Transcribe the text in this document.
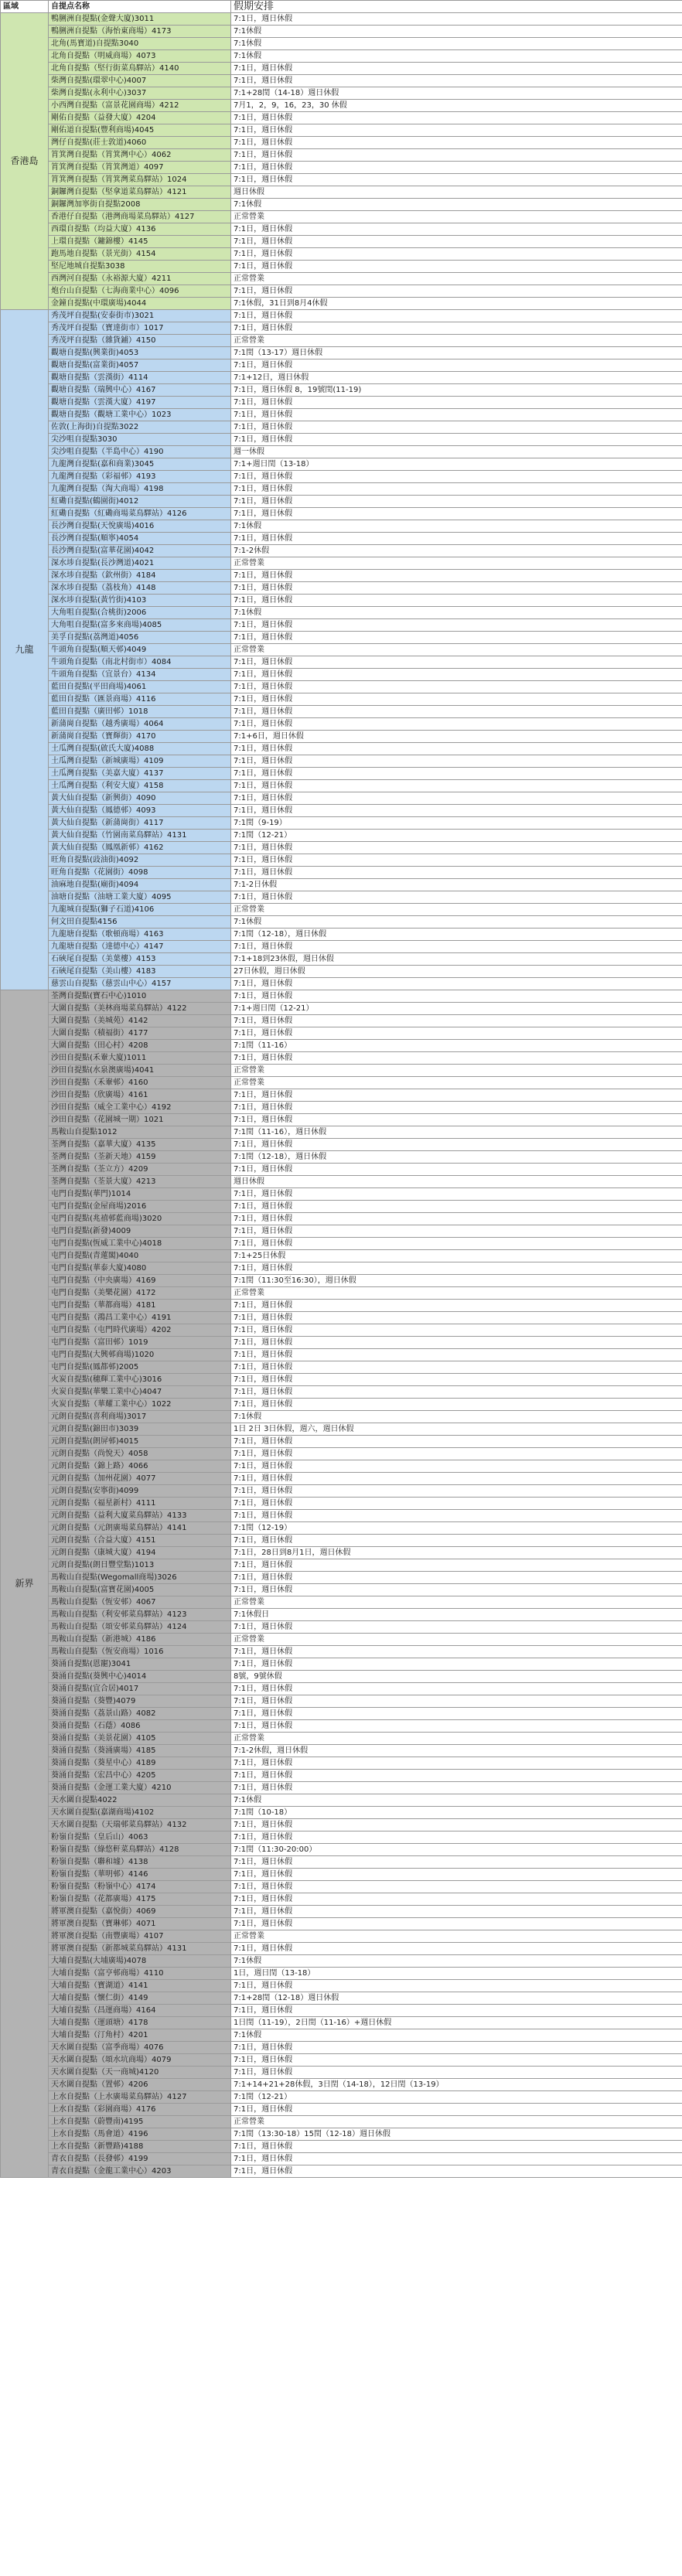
區域	自提点名称	假期安排
香港島	鴨脷洲自提點(金聲大廈)3011	7:1日，週日休假
	鴨脷洲自提點（海怡東商場）4173	7:1休假
	北角(馬寶道)自提點3040	7:1休假
	北角自提點（明威商場）4073	7:1休假
	北角自提點（堅行街菜鳥驛站）4140	7:1日，週日休假
	柴灣自提點(環翠中心)4007	7:1日，週日休假
	柴灣自提點(永利中心)3037	7:1+28閏（14-18）週日休假
	小西灣自提點（富景花園商場）4212	7月1，2，9，16，23，30 休假
	剛佑自提點（益發大廈）4204	7:1日，週日休假
	剛佑道自提點(豐利商場)4045	7:1日，週日休假
	灣仔自提點(莊士敦道)4060	7:1日，週日休假
	筲箕灣自提點（筲箕灣中心）4062	7:1日，週日休假
	筲箕灣自提點（筲箕灣道）4097	7:1日，週日休假
	筲箕灣自提點（筲箕灣菜鳥驛站）1024	7:1日，週日休假
	銅鑼灣自提點（堅拿道菜鳥驛站）4121	週日休假
	銅鑼灣加寧街自提點2008	7:1休假
	香港仔自提點（港灣商場菜鳥驛站）4127	正常營業
	西環自提點（均益大廈）4136	7:1日，週日休假
	上環自提點（鏞錦樓）4145	7:1日，週日休假
	跑馬地自提點（景光街）4154	7:1日，週日休假
	堅尼地城自提點3038	7:1日，週日休假
	西灣河自提點（永裕源大廈）4211	正常營業
	炮台山自提點（七海商業中心）4096	7:1日，週日休假
	金鐘自提點(中環廣場)4044	7:1休假，31日到8月4休假
九龍	秀茂坪自提點(安泰街市)3021	7:1日，週日休假
	秀茂坪自提點（寶達街市）1017	7:1日，週日休假
	秀茂坪自提點（雜貨鋪）4150	正常營業
	觀塘自提點(興業街)4053	7:1閏（13-17）週日休假
	觀塘自提點(富業街)4057	7:1日，週日休假
	觀塘自提點（雲漢街）4114	7:1+12日，週日休假
	觀塘自提點（瑞興中心）4167	7:1日，週日休假 8，19號閏(11-19)
	觀塘自提點（雲漢大廈）4197	7:1日，週日休假
	觀塘自提點（觀塘工業中心）1023	7:1日，週日休假
	佐敦(上海街)自提點3022	7:1日，週日休假
	尖沙咀自提點3030	7:1日，週日休假
	尖沙咀自提點（半島中心）4190	週一休假
	九龍灣自提點(嘉和商業)3045	7:1+週日閏（13-18）
	九龍灣自提點（彩福邨）4193	7:1日，週日休假
	九龍灣自提點（淘大商場）4198	7:1日，週日休假
	紅磡自提點(鶴園街)4012	7:1日，週日休假
	紅磡自提點（紅磡商場菜鳥驛站）4126	7:1日，週日休假
	長沙灣自提點(天悅廣場)4016	7:1休假
	長沙灣自提點(順寧)4054	7:1日，週日休假
	長沙灣自提點(富華花園)4042	7:1-2休假
	深水埗自提點(長沙灣道)4021	正常營業
	深水埗自提點（欽州街）4184	7:1日，週日休假
	深水埗自提點（荔枝角）4148	7:1日，週日休假
	深水埗自提點(黃竹街)4103	7:1日，週日休假
	大角咀自提點(合桃街)2006	7:1休假
	大角咀自提點(富多來商場)4085	7:1日，週日休假
	美孚自提點(荔灣道)4056	7:1日，週日休假
	牛頭角自提點(順天邨)4049	正常營業
	牛頭角自提點（南北村街市）4084	7:1日，週日休假
	牛頭角自提點（宜景台）4134	7:1日，週日休假
	藍田自提點(平田商場)4061	7:1日，週日休假
	藍田自提點（匯景商場）4116	7:1日，週日休假
	藍田自提點（廣田邨）1018	7:1日，週日休假
	新蒲崗自提點（越秀廣場）4064	7:1日，週日休假
	新蒲崗自提點（寶輝街）4170	7:1+6日，週日休假
	土瓜灣自提點(啟氏大廈)4088	7:1日，週日休假
	土瓜灣自提點（新城廣場）4109	7:1日，週日休假
	土瓜灣自提點（美嘉大廈）4137	7:1日，週日休假
	土瓜灣自提點（利安大廈）4158	7:1日，週日休假
	黃大仙自提點（新興街）4090	7:1日，週日休假
	黃大仙自提點（鳳德邨）4093	7:1日，週日休假
	黃大仙自提點（新蒲崗街）4117	7:1閏（9-19）
	黃大仙自提點（竹園南菜鳥驛站）4131	7:1閏（12-21）
	黃大仙自提點（鳳凰新邨）4162	7:1日，週日休假
	旺角自提點(豉油街)4092	7:1日，週日休假
	旺角自提點（花園街）4098	7:1日，週日休假
	油麻地自提點(廟街)4094	7:1-2日休假
	油塘自提點（油塘工業大廈）4095	7:1日，週日休假
	九龍城自提點(獅子石道)4106	正常營業
	何文田自提點4156	7:1休假
	九龍塘自提點（歌頓商場）4163	7:1閏（12-18），週日休假
	九龍塘自提點（達德中心）4147	7:1日，週日休假
	石硤尾自提點（美葉樓）4153	7:1+18到23休假，週日休假
	石硤尾自提點（美山樓）4183	27日休假，週日休假
	慈雲山自提點（慈雲山中心）4157	7:1日，週日休假
新界	荃灣自提點(寶石中心)1010	7:1日，週日休假
	大圍自提點（美林商場菜鳥驛站）4122	7:1+週日閏（12-21）
	大圍自提點（美城苑）4142	7:1日，週日休假
	大圍自提點（積福街）4177	7:1日，週日休假
	大圍自提點（田心村）4208	7:1閏（11-16）
	沙田自提點(禾輋大廈)1011	7:1日，週日休假
	沙田自提點(水泉澳廣場)4041	正常營業
	沙田自提點（禾輋邨）4160	正常營業
	沙田自提點（欣廣場）4161	7:1日，週日休假
	沙田自提點（威全工業中心）4192	7:1日，週日休假
	沙田自提點（花園城一期）1021	7:1日，週日休假
	馬鞍山自提點1012	7:1閏（11-16），週日休假
	荃灣自提點（嘉華大廈）4135	7:1日，週日休假
	荃灣自提點（荃新天地）4159	7:1閏（12-18），週日休假
	荃灣自提點（荃立方）4209	7:1日，週日休假
	荃灣自提點（荃景大廈）4213	週日休假
	屯門自提點(華門)1014	7:1日，週日休假
	屯門自提點(金屋商場)2016	7:1日，週日休假
	屯門自提點(兆禧邨藍商場)3020	7:1日，週日休假
	屯門自提點(新發)4009	7:1日，週日休假
	屯門自提點(恆威工業中心)4018	7:1日，週日休假
	屯門自提點(青蓮閣)4040	7:1+25日休假
	屯門自提點(華泰大廈)4080	7:1日，週日休假
	屯門自提點（中央廣場）4169	7:1閏（11:30至16:30），週日休假
	屯門自提點（美樂花園）4172	正常營業
	屯門自提點（華都商場）4181	7:1日，週日休假
	屯門自提點（鴻昌工業中心）4191	7:1日，週日休假
	屯門自提點（屯門時代廣場）4202	7:1日，週日休假
	屯門自提點（富田邨）1019	7:1日，週日休假
	屯門自提點(大興邨商場)1020	7:1日，週日休假
	屯門自提點(鳳都邨)2005	7:1日，週日休假
	火炭自提點(穗輝工業中心)3016	7:1日，週日休假
	火炭自提點(華樂工業中心)4047	7:1日，週日休假
	火炭自提點（華耀工業中心）1022	7:1日，週日休假
	元朗自提點(喜利商場)3017	7:1休假
	元朗自提點(錦田市)3039	1日 2日 3日休假，週六，週日休假
	元朗自提點(朗屏邨)4015	7:1日，週日休假
	元朗自提點（尚悅天）4058	7:1日，週日休假
	元朗自提點（錦上路）4066	7:1日，週日休假
	元朗自提點（加州花園）4077	7:1日，週日休假
	元朗自提點(安寧街)4099	7:1日，週日休假
	元朗自提點（福星新村）4111	7:1日，週日休假
	元朗自提點（益利大廈菜鳥驛站）4133	7:1日，週日休假
	元朗自提點（元朗廣場菜鳥驛站）4141	7:1閏（12-19）
	元朗自提點（合益大廈）4151	7:1日，週日休假
	元朗自提點（康城大廈）4194	7:1日，28日到8月1日，週日休假
	元朗自提點(朗日豐堂點)1013	7:1日，週日休假
	馬鞍山自提點(Wegomall商場)3026	7:1日，週日休假
	馬鞍山自提點(富寶花園)4005	7:1日，週日休假
	馬鞍山自提點（恆安邨）4067	正常營業
	馬鞍山自提點（利安邨菜鳥驛站）4123	7:1休假日
	馬鞍山自提點（頌安邨菜鳥驛站）4124	7:1日，週日休假
	馬鞍山自提點（新港城）4186	正常營業
	馬鞍山自提點（恆安商場）1016	7:1日，週日休假
	葵涌自提點(恩寵)3041	7:1日，週日休假
	葵涌自提點(葵興中心)4014	8號，9號休假
	葵涌自提點(宜合居)4017	7:1日，週日休假
	葵涌自提點（葵豐)4079	7:1日，週日休假
	葵涌自提點（荔景山路）4082	7:1日，週日休假
	葵涌自提點（石蔭）4086	7:1日，週日休假
	葵涌自提點（美景花園）4105	正常營業
	葵涌自提點（葵涌廣場）4185	7:1-2休假，週日休假
	葵涌自提點（葵星中心）4189	7:1日，週日休假
	葵涌自提點（宏昌中心）4205	7:1日，週日休假
	葵涌自提點（金運工業大廈）4210	7:1日，週日休假
	天水圍自提點4022	7:1休假
	天水圍自提點(嘉湖商場)4102	7:1閏（10-18）
	天水圍自提點（天瑞邨菜鳥驛站）4132	7:1日，週日休假
	粉嶺自提點（皇后山）4063	7:1日，週日休假
	粉嶺自提點（綠悠軒菜鳥驛站）4128	7:1閏（11:30-20:00）
	粉嶺自提點（聯和墟）4138	7:1日，週日休假
	粉嶺自提點（華明邨）4146	7:1日，週日休假
	粉嶺自提點（粉嶺中心）4174	7:1日，週日休假
	粉嶺自提點（花都廣場）4175	7:1日，週日休假
	將軍澳自提點（嘉悅街）4069	7:1日，週日休假
	將軍澳自提點（寶琳邨）4071	7:1日，週日休假
	將軍澳自提點（南豐廣場）4107	正常營業
	將軍澳自提點（新都城菜鳥驛站）4131	7:1日，週日休假
	大埔自提點(大埔廣場)4078	7:1休假
	大埔自提點（富亨邨商場）4110	1日，週日閏（13-18）
	大埔自提點（寶湖道）4141	7:1日，週日休假
	大埔自提點（懷仁街）4149	7:1+28閏（12-18）週日休假
	大埔自提點（昌運商場）4164	7:1日，週日休假
	大埔自提點（運頭塘）4178	1日閏（11-19），2日閏（11-16）+週日休假
	大埔自提點（汀角村）4201	7:1休假
	天水圍自提點（富季商場）4076	7:1日，週日休假
	天水圍自提點（頌水坑商場）4079	7:1日，週日休假
	天水圍自提點（天一商城)4120	7:1日，週日休假
	天水圍自提點（置邨）4206	7:1+14+21+28休假，3日閏（14-18），12日閏（13-19）
	上水自提點（上水廣場菜鳥驛站）4127	7:1閏（12-21）
	上水自提點（彩園商場）4176	7:1日，週日休假
	上水自提點（蔚豐南)4195	正常營業
	上水自提點（馬會道）4196	7:1閏（13:30-18）15閏（12-18）週日休假
	上水自提點（新豐路)4188	7:1日，週日休假
	青衣自提點（長發邨）4199	7:1日，週日休假
	青衣自提點（金龍工業中心）4203	7:1日，週日休假
